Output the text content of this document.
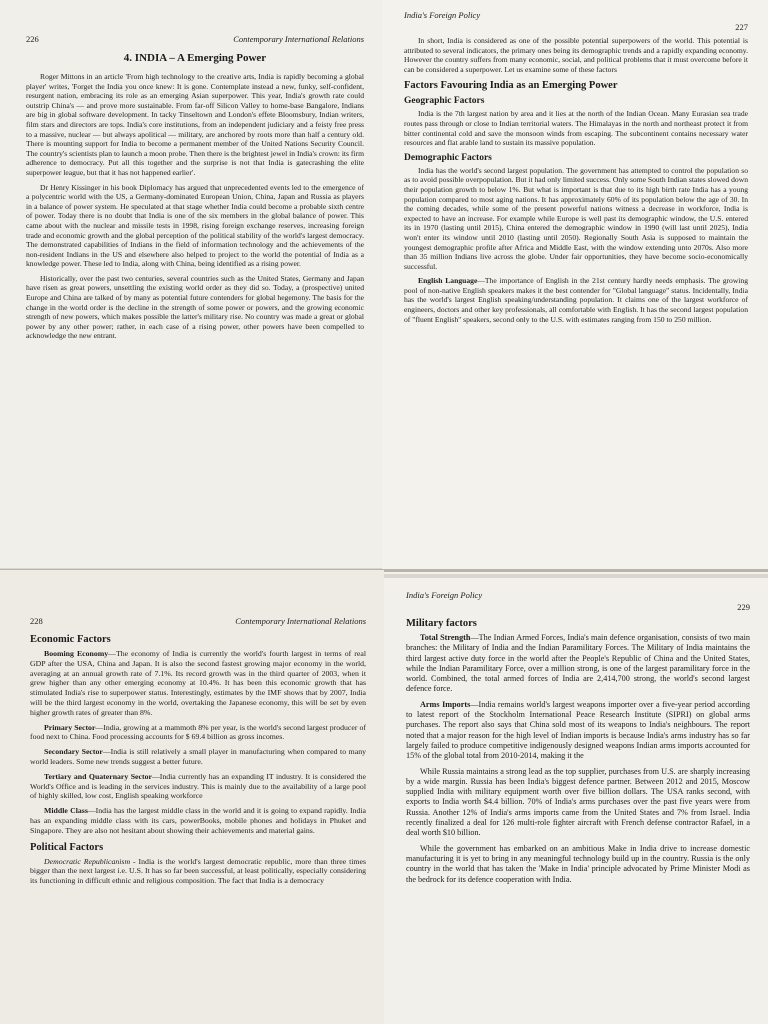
226	Contemporary International Relations
4. INDIA – A Emerging Power

Roger Mittons in an article 'From high technology to the creative arts, India is rapidly becoming a global player' writes, 'Forget the India you once knew: It is gone. Contemplate instead a new, funky, self-confident, resurgent nation, embracing its role as an emerging Asian superpower. This year, India's growth rate could outstrip China's — and prove more sustainable. From far-off Silicon Valley to home-base Bangalore, Indians are big in global software development. In tacky Tinseltown and London's effete Bloomsbury, Indian writers, film stars and directors are tops. India's core institutions, from an independent judiciary and a feisty free press to a massive, nuclear — but always apolitical — military, are anchored by roots more than half a century old. There is mounting support for India to become a permanent member of the United Nations Security Council. The country's scientists plan to launch a moon probe. Then there is the brightest jewel in India's crown: its firm adherence to democracy. Put all this together and the surprise is not that India is gatecrashing the elite superpower league, but that it has not happened earlier'.

Dr Henry Kissinger in his book Diplomacy has argued that unprecedented events led to the emergence of a polycentric world with the US, a Germany-dominated European Union, China, Japan and Russia as players in a balance of power system. He speculated at that stage whether India could become a probable sixth centre of power. Today there is no doubt that India is one of the six members in the global balance of power. This came about with the nuclear and missile tests in 1998, rising foreign exchange reserves, increasing foreign trade and economic growth and the global perception of the political stability of the world's largest democracy. The demonstrated capabilities of Indians in the field of information technology and the achievements of the non-resident Indians in the US and elsewhere also helped to project to the world the potential of India as a knowledge power. These led to India, along with China, being identified as a rising power.

Historically, over the past two centuries, several countries such as the United States, Germany and Japan have risen as great powers, unsettling the existing world order as they did so. Today, a (prospective) united Europe and China are talked of by many as potential future contenders for global hegemony. The basis for the change in the world order is the decline in the strength of some power or powers, and the growing economic strength of new powers, which makes possible the latter's military rise. No country was made a great or global power by any other power; rather, in each case of a rising power, other powers have been compelled to acknowledge the new entrant.

India's Foreign Policy
227

In short, India is considered as one of the possible potential superpowers of the world. This potential is attributed to several indicators, the primary ones being its demographic trends and a rapidly expanding economy. However the country suffers from many economic, social, and political problems that it must overcome before it can be considered a superpower. Let us examine some of these factors

Factors Favouring India as an Emerging Power
Geographic Factors

India is the 7th largest nation by area and it lies at the north of the Indian Ocean. Many Eurasian sea trade routes pass through or close to Indian territorial waters. The Himalayas in the north and northeast protect it from bitter continental cold and save the monsoon winds from escaping. The subcontinent contains necessary water resources and flat arable land to sustain its massive population.

Demographic Factors

India has the world's second largest population. The government has attempted to control the population so as to avoid possible overpopulation. But it had only limited success. Only some South Indian states slowed down their population growth to below 1%. But what is important is that due to its high birth rate India has a young population compared to most aging nations. It has approximately 60% of its population below the age of 30. In the coming decades, while some of the present powerful nations witness a decrease in workforce, India is expected to have an increase. For example while Europe is well past its demographic window, the U.S. entered its in 1970 (lasting until 2015), China entered the demographic window in 1990 (will last until 2025), India won't enter its window until 2010 (lasting until 2050). Regionally South Asia is supposed to maintain the youngest demographic profile after Africa and Middle East, with the window extending unto 2070s. Also more than 35 million Indians live across the globe. Under fair opportunities, they have become socio-economically successful.

English Language—The importance of English in the 21st century hardly needs emphasis. The growing pool of non-native English speakers makes it the best contender for "Global language" status. Incidentally, India has the world's largest English speaking/understanding population. It claims one of the largest workforce of engineers, doctors and other key professionals, all comfortable with English. It has the second largest population of "fluent English" speakers, second only to the U.S. with estimates ranging from 150 to 250 million.

228	Contemporary International Relations
Economic Factors

Booming Economy—The economy of India is currently the world's fourth largest in terms of real GDP after the USA, China and Japan. It is also the second fastest growing major economy in the world, averaging at an annual growth rate of 7.1%. Its record growth was in the third quarter of 2003, when it grew higher than any other emerging economy at 10.4%. It has been this economic growth that has stimulated India's rise to superpower status. Interestingly, estimates by the IMF shows that by 2007, India will be the third largest economy in the world, overtaking the Japanese economy, this will be set by even higher growth rates of greater than 8%.

Primary Sector—India, growing at a mammoth 8% per year, is the world's second largest producer of food next to China. Food processing accounts for $ 69.4 billion as gross incomes.

Secondary Sector—India is still relatively a small player in manufacturing when compared to many world leaders. Some new trends suggest a better future.

Tertiary and Quaternary Sector—India currently has an expanding IT industry. It is considered the World's Office and is leading in the services industry. This is mainly due to the availability of a large pool of highly skilled, low cost, English speaking workforce

Middle Class—India has the largest middle class in the world and it is going to expand rapidly. India has an expanding middle class with its cars, powerBooks, mobile phones and holidays in Phuket and Singapore. They are also not hesitant about showing their achievements and material gains.

Political Factors

Democratic Republicanism - India is the world's largest democratic republic, more than three times bigger than the next largest i.e. U.S. It has so far been successful, at least politically, especially considering its functioning in difficult ethnic and religious composition. The fact that India is a democracy

India's Foreign Policy
229
Military factors

Total Strength—The Indian Armed Forces, India's main defence organisation, consists of two main branches: the Military of India and the Indian Paramilitary Forces. The Military of India maintains the third largest active duty force in the world after the People's Republic of China and the United States, while the Indian Paramilitary Force, over a million strong, is one of the largest paramilitary force in the world. Combined, the total armed forces of India are 2,414,700 strong, the world's second largest defence force.

Arms Imports—India remains world's largest weapons importer over a five-year period according to latest report of the Stockholm International Peace Research Institute (SIPRI) on global arms purchases. The report also says that China sold most of its weapons to India's neighbours. The report noted that a major reason for the high level of Indian imports is because India's arms industry has so far largely failed to produce competitive indigenously designed weapons Indian arms imports accounted for 15% of the global total from 2010-2014, making it the

While Russia maintains a strong lead as the top supplier, purchases from U.S. are sharply increasing by a wide margin. Russia has been India's biggest defence partner. Between 2012 and 2015, Moscow supplied India with military equipment worth over five billion dollars. The USA ranks second, with exports to India worth $4.4 billion. 70% of India's arms purchases over the past five years were from Russia. Another 12% of India's arms imports came from the United States and 7% from Israel. India recently finalized a deal for 126 multi-role fighter aircraft with French defense contractor Rafael, in a deal worth $10 billion.

While the government has embarked on an ambitious Make in India drive to increase domestic manufacturing it is yet to bring in any meaningful technology build up in the country. Russia is the only country in the world that has taken the 'Make in India' principle advocated by Prime Minister Modi as the bedrock for its defence cooperation with India.
